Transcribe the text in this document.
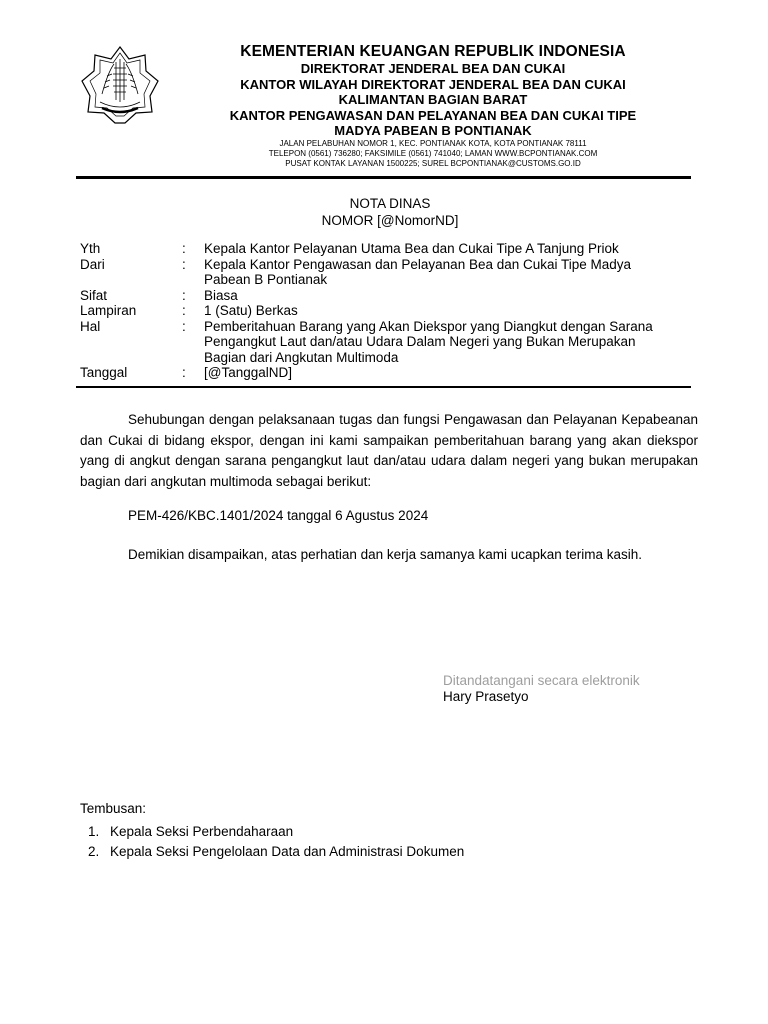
KEMENTERIAN KEUANGAN REPUBLIK INDONESIA
DIREKTORAT JENDERAL BEA DAN CUKAI
KANTOR WILAYAH DIREKTORAT JENDERAL BEA DAN CUKAI
KALIMANTAN BAGIAN BARAT
KANTOR PENGAWASAN DAN PELAYANAN BEA DAN CUKAI TIPE
MADYA PABEAN B PONTIANAK
JALAN PELABUHAN NOMOR 1, KEC. PONTIANAK KOTA, KOTA PONTIANAK 78111
TELEPON (0561) 736280; FAKSIMILE (0561) 741040; LAMAN WWW.BCPONTIANAK.COM
PUSAT KONTAK LAYANAN 1500225; SUREL BCPONTIANAK@CUSTOMS.GO.ID
NOTA DINAS
NOMOR [@NomorND]
Yth	:	Kepala Kantor Pelayanan Utama Bea dan Cukai Tipe A Tanjung Priok
Dari	:	Kepala Kantor Pengawasan dan Pelayanan Bea dan Cukai Tipe Madya Pabean B Pontianak
Sifat	:	Biasa
Lampiran	:	1 (Satu) Berkas
Hal	:	Pemberitahuan Barang yang Akan Diekspor yang Diangkut dengan Sarana Pengangkut Laut dan/atau Udara Dalam Negeri yang Bukan Merupakan Bagian dari Angkutan Multimoda
Tanggal	:	[@TanggalND]
Sehubungan dengan pelaksanaan tugas dan fungsi Pengawasan dan Pelayanan Kepabeanan dan Cukai di bidang ekspor, dengan ini kami sampaikan pemberitahuan barang yang akan diekspor yang di angkut dengan sarana pengangkut laut dan/atau udara dalam negeri yang bukan merupakan bagian dari angkutan multimoda sebagai berikut:
PEM-426/KBC.1401/2024 tanggal 6 Agustus 2024
Demikian disampaikan, atas perhatian dan kerja samanya kami ucapkan terima kasih.
Ditandatangani secara elektronik
Hary Prasetyo
Tembusan:
1. Kepala Seksi Perbendaharaan
2. Kepala Seksi Pengelolaan Data dan Administrasi Dokumen
